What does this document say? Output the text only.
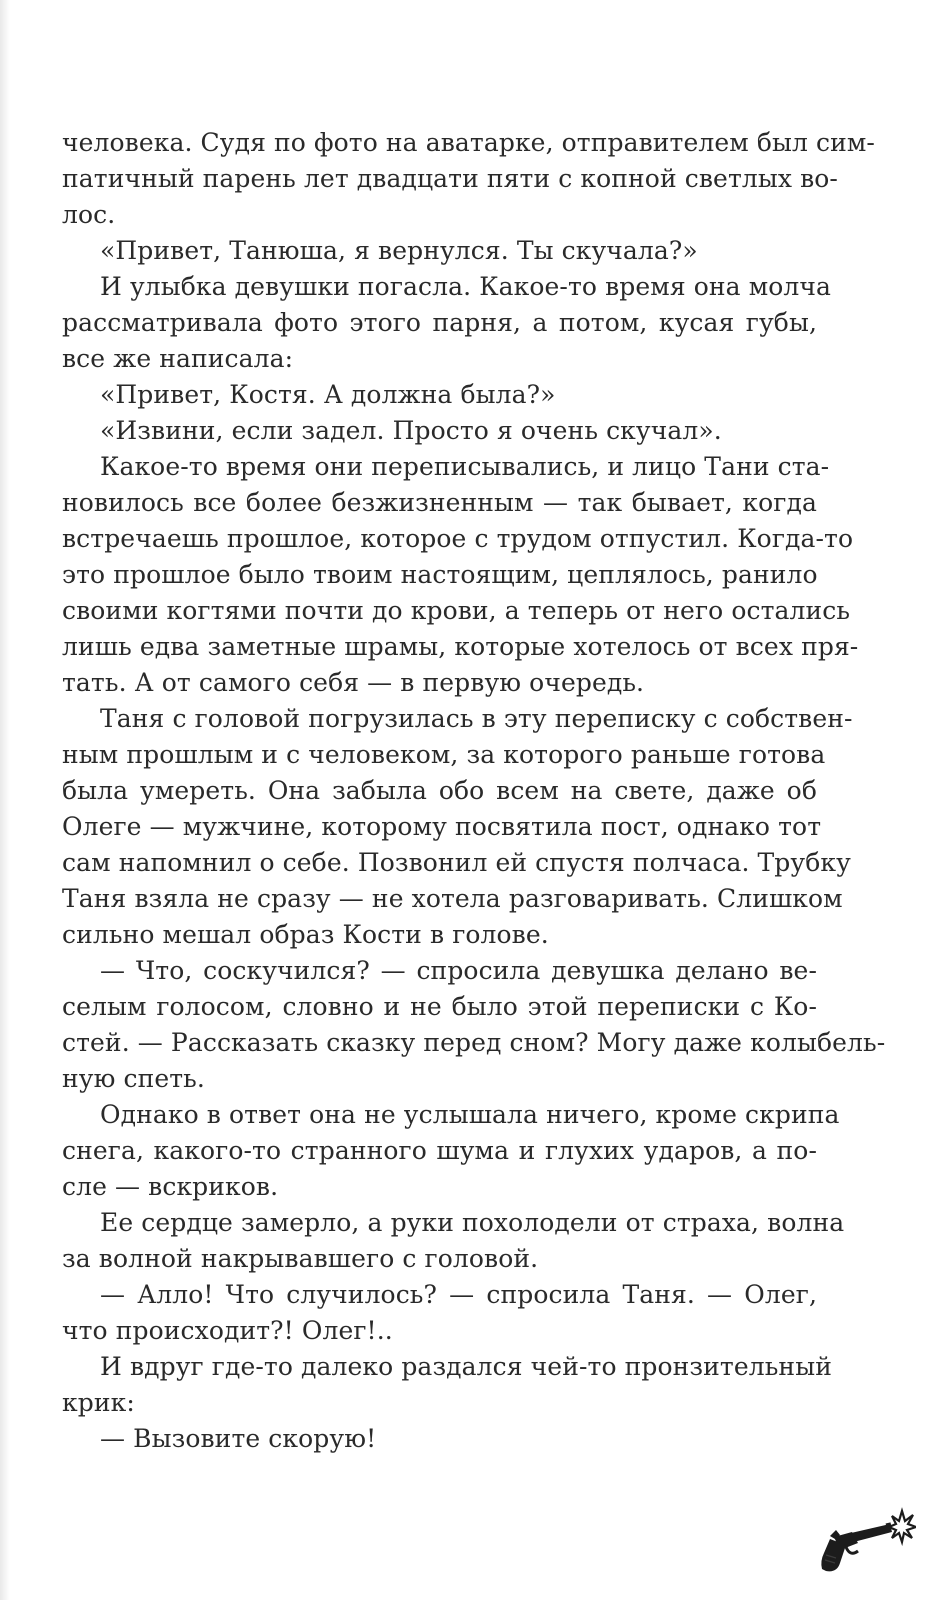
человека. Судя по фото на аватарке, отправителем был сим-
патичный парень лет двадцати пяти с копной светлых во-
лос.
«Привет, Танюша, я вернулся. Ты скучала?»
И улыбка девушки погасла. Какое-то время она молча
рассматривала фото этого парня, а потом, кусая губы,
все же написала:
«Привет, Костя. А должна была?»
«Извини, если задел. Просто я очень скучал».
Какое-то время они переписывались, и лицо Тани ста-
новилось все более безжизненным — так бывает, когда
встречаешь прошлое, которое с трудом отпустил. Когда-то
это прошлое было твоим настоящим, цеплялось, ранило
своими когтями почти до крови, а теперь от него остались
лишь едва заметные шрамы, которые хотелось от всех пря-
тать. А от самого себя — в первую очередь.
Таня с головой погрузилась в эту переписку с собствен-
ным прошлым и с человеком, за которого раньше готова
была умереть. Она забыла обо всем на свете, даже об
Олеге — мужчине, которому посвятила пост, однако тот
сам напомнил о себе. Позвонил ей спустя полчаса. Трубку
Таня взяла не сразу — не хотела разговаривать. Слишком
сильно мешал образ Кости в голове.
— Что, соскучился? — спросила девушка делано ве-
селым голосом, словно и не было этой переписки с Ко-
стей. — Рассказать сказку перед сном? Могу даже колыбель-
ную спеть.
Однако в ответ она не услышала ничего, кроме скрипа
снега, какого-то странного шума и глухих ударов, а по-
сле — вскриков.
Ее сердце замерло, а руки похолодели от страха, волна
за волной накрывавшего с головой.
— Алло! Что случилось? — спросила Таня. — Олег,
что происходит?! Олег!..
И вдруг где-то далеко раздался чей-то пронзительный
крик:
— Вызовите скорую!
